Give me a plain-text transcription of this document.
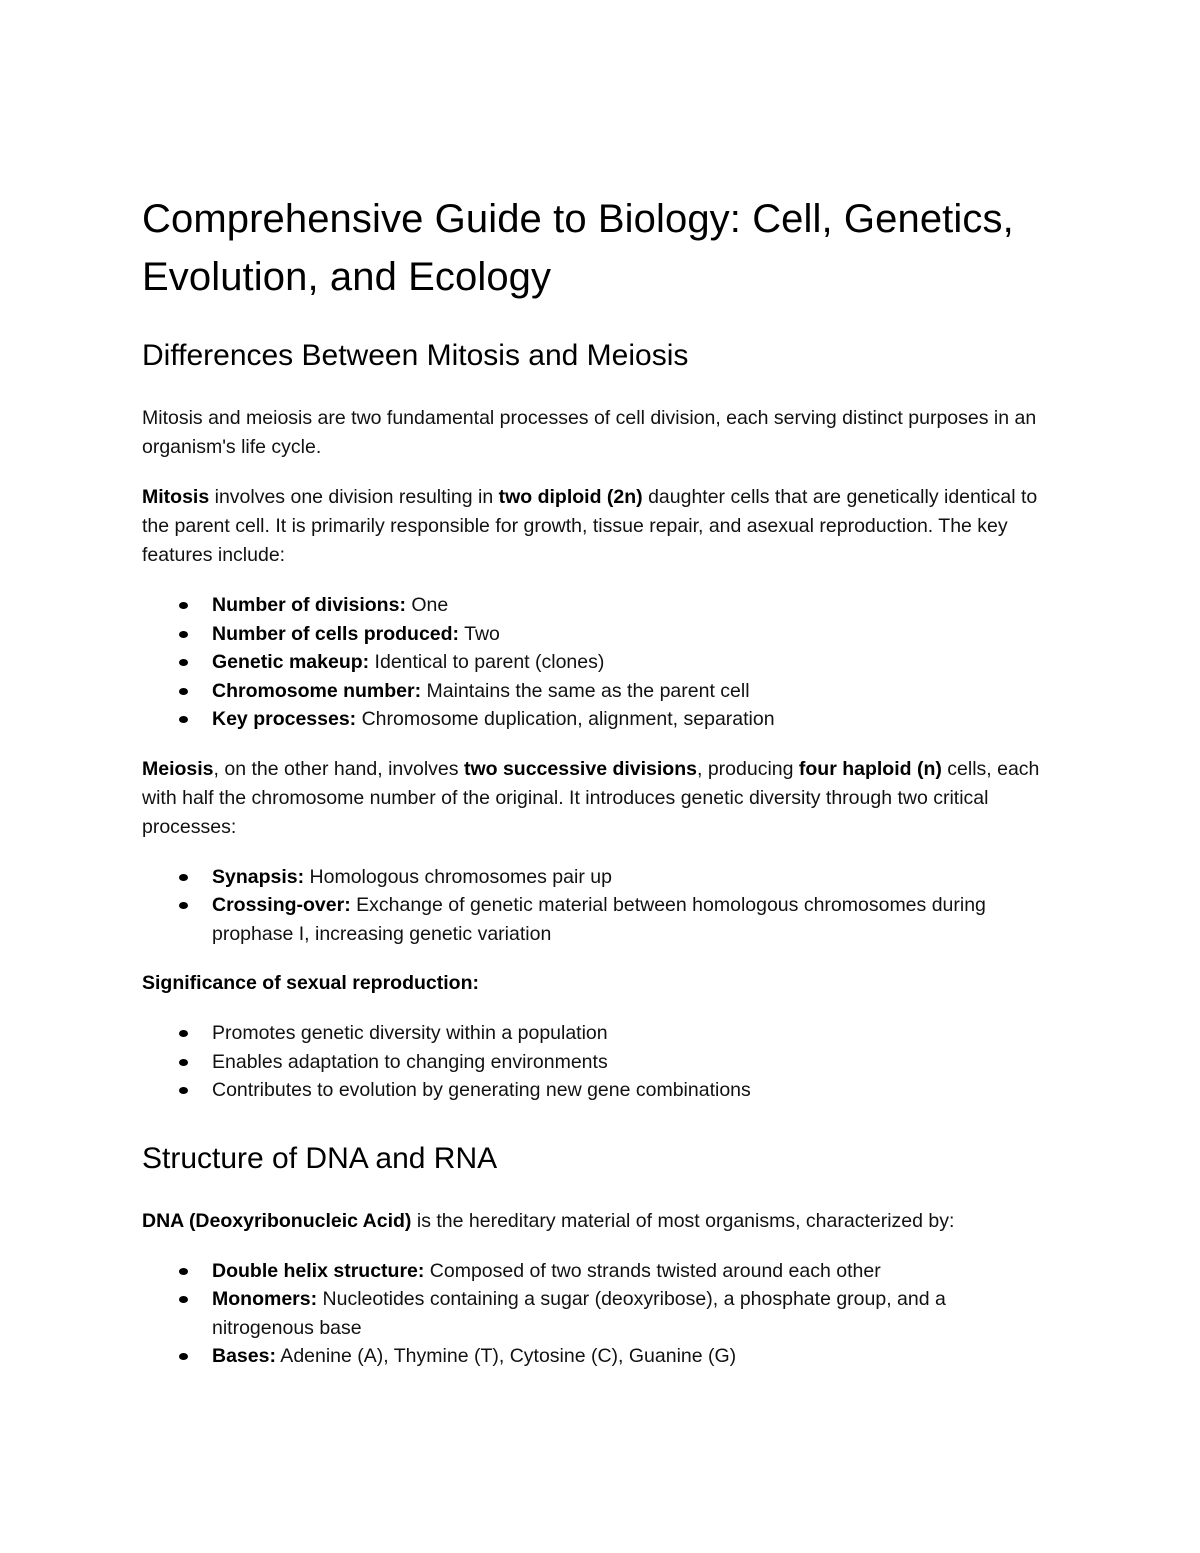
Comprehensive Guide to Biology: Cell, Genetics, Evolution, and Ecology
Differences Between Mitosis and Meiosis

Mitosis and meiosis are two fundamental processes of cell division, each serving distinct purposes in an organism's life cycle.

Mitosis involves one division resulting in two diploid (2n) daughter cells that are genetically identical to the parent cell. It is primarily responsible for growth, tissue repair, and asexual reproduction. The key features include:

Number of divisions: One
Number of cells produced: Two
Genetic makeup: Identical to parent (clones)
Chromosome number: Maintains the same as the parent cell
Key processes: Chromosome duplication, alignment, separation

Meiosis, on the other hand, involves two successive divisions, producing four haploid (n) cells, each with half the chromosome number of the original. It introduces genetic diversity through two critical processes:

Synapsis: Homologous chromosomes pair up
Crossing-over: Exchange of genetic material between homologous chromosomes during prophase I, increasing genetic variation

Significance of sexual reproduction:

Promotes genetic diversity within a population
Enables adaptation to changing environments
Contributes to evolution by generating new gene combinations
Structure of DNA and RNA

DNA (Deoxyribonucleic Acid) is the hereditary material of most organisms, characterized by:

Double helix structure: Composed of two strands twisted around each other
Monomers: Nucleotides containing a sugar (deoxyribose), a phosphate group, and a nitrogenous base
Bases: Adenine (A), Thymine (T), Cytosine (C), Guanine (G)
